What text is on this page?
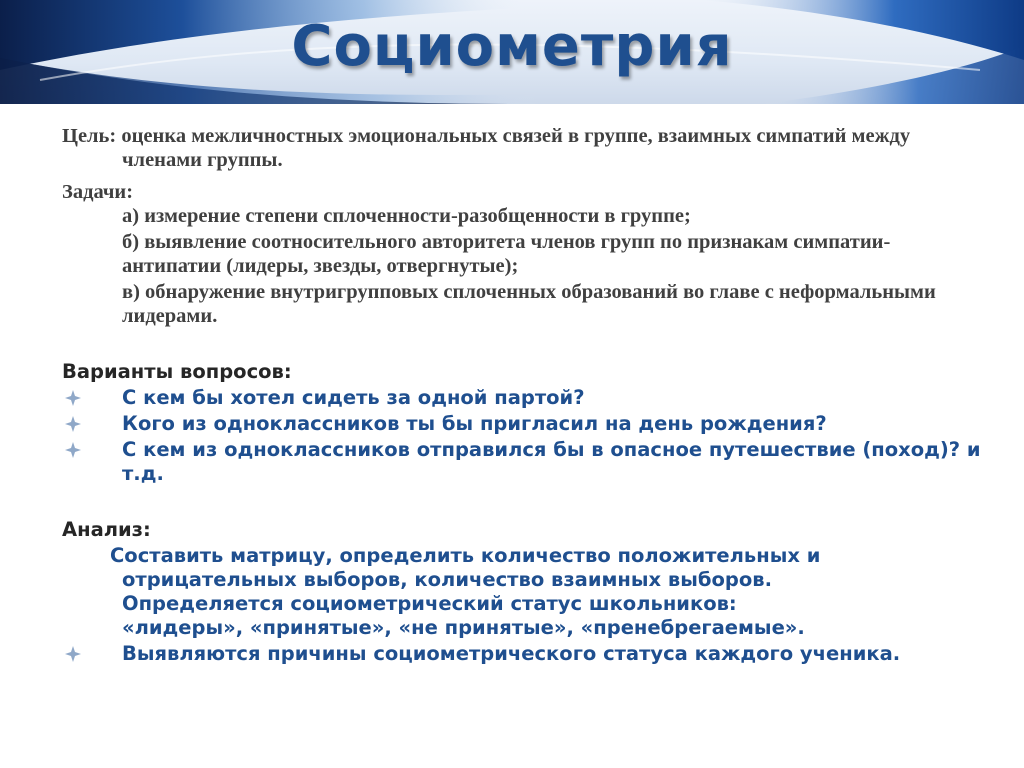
Социометрия
Цель: оценка межличностных эмоциональных связей в группе, взаимных симпатий между членами группы.
Задачи:
а) измерение степени сплоченности-разобщенности в группе;
б) выявление соотносительного авторитета членов групп по признакам симпатии-антипатии (лидеры, звезды, отвергнутые);
в) обнаружение внутригрупповых сплоченных образований во главе с неформальными лидерами.
Варианты вопросов:
С кем бы хотел сидеть за одной партой?
Кого из одноклассников ты бы пригласил на день рождения?
С кем из одноклассников отправился бы в опасное путешествие (поход)? и т.д.
Анализ:
Составить матрицу, определить количество положительных и
отрицательных выборов, количество взаимных выборов.
Определяется социометрический статус школьников:
«лидеры», «принятые», «не принятые», «пренебрегаемые».
Выявляются причины социометрического статуса каждого ученика.
